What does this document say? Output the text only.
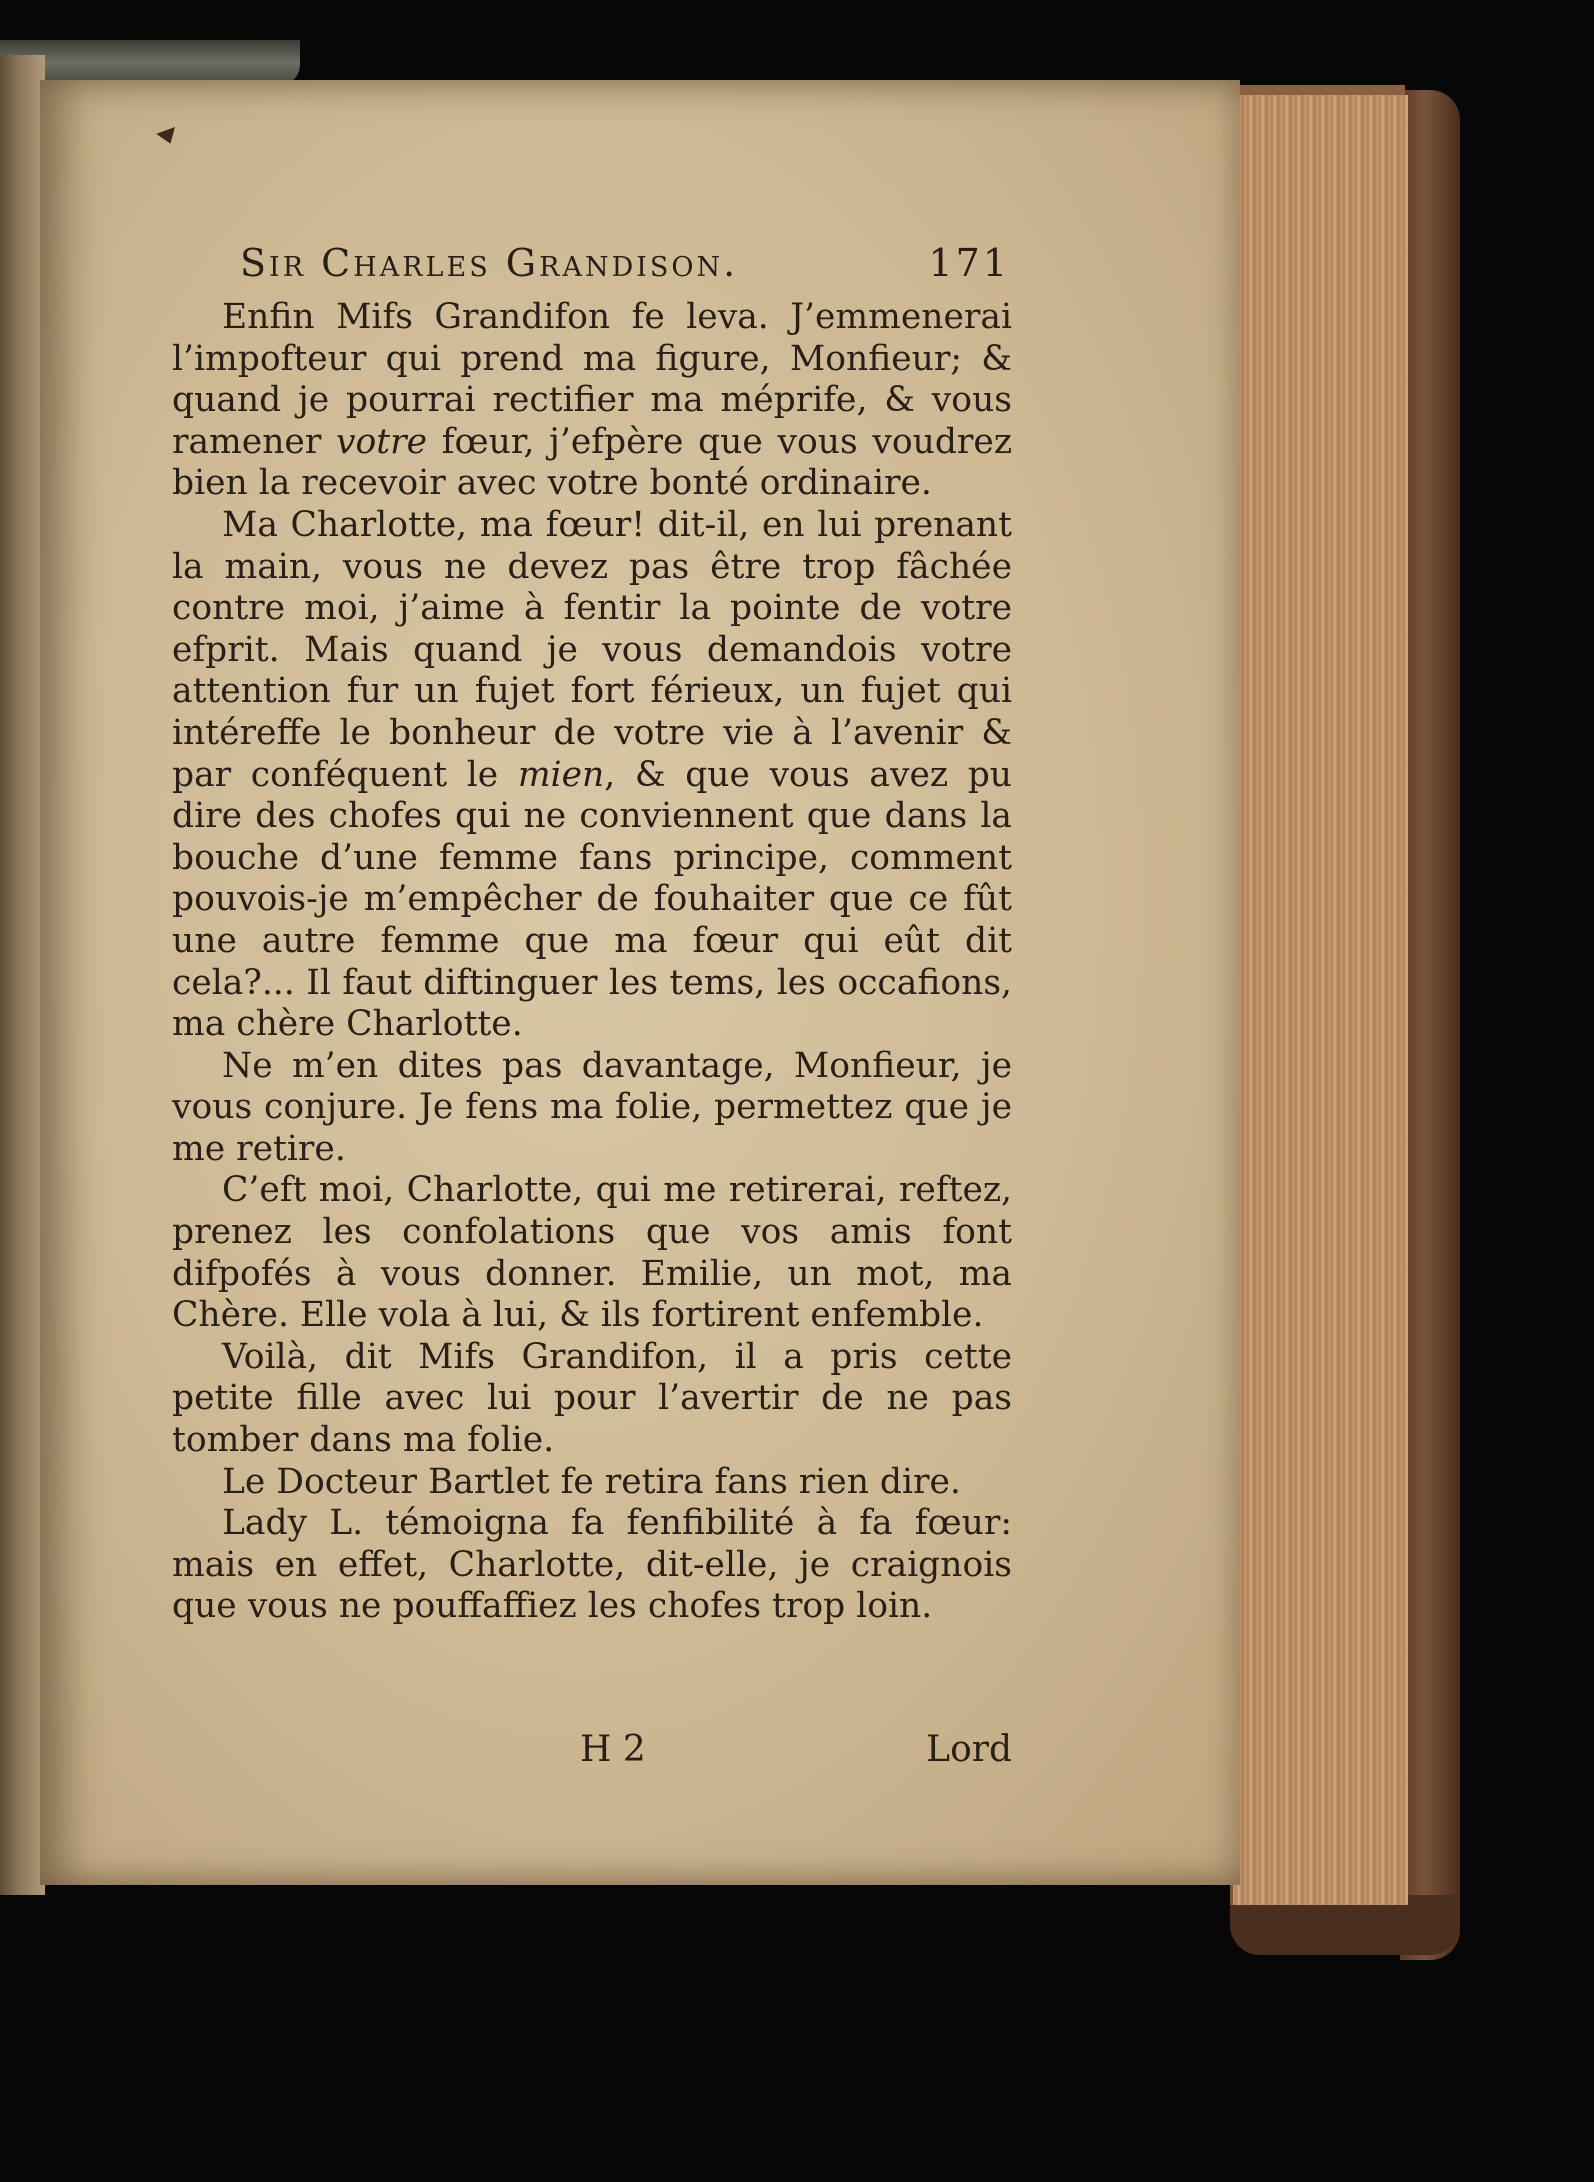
Sir Charles Grandison.	171

Enfin Mifs Grandifon fe leva. J’emmenerai l’impofteur qui prend ma figure, Monfieur; & quand je pourrai rectifier ma méprife, & vous ramener votre fœur, j’efpère que vous voudrez bien la recevoir avec votre bonté ordinaire.

Ma Charlotte, ma fœur! dit-il, en lui prenant la main, vous ne devez pas être trop fâchée contre moi, j’aime à fentir la pointe de votre efprit. Mais quand je vous demandois votre attention fur un fujet fort férieux, un fujet qui intéreffe le bonheur de votre vie à l’avenir & par conféquent le mien, & que vous avez pu dire des chofes qui ne conviennent que dans la bouche d’une femme fans principe, comment pouvois-je m’empêcher de fouhaiter que ce fût une autre femme que ma fœur qui eût dit cela?... Il faut diftinguer les tems, les occafions, ma chère Charlotte.

Ne m’en dites pas davantage, Monfieur, je vous conjure. Je fens ma folie, permettez que je me retire.

C’eft moi, Charlotte, qui me retirerai, reftez, prenez les confolations que vos amis font difpofés à vous donner. Emilie, un mot, ma Chère. Elle vola à lui, & ils fortirent enfemble.

Voilà, dit Mifs Grandifon, il a pris cette petite fille avec lui pour l’avertir de ne pas tomber dans ma folie.

Le Docteur Bartlet fe retira fans rien dire.

Lady L. témoigna fa fenfibilité à fa fœur: mais en effet, Charlotte, dit-elle, je craignois que vous ne pouffaffiez les chofes trop loin.

H 2	Lord
